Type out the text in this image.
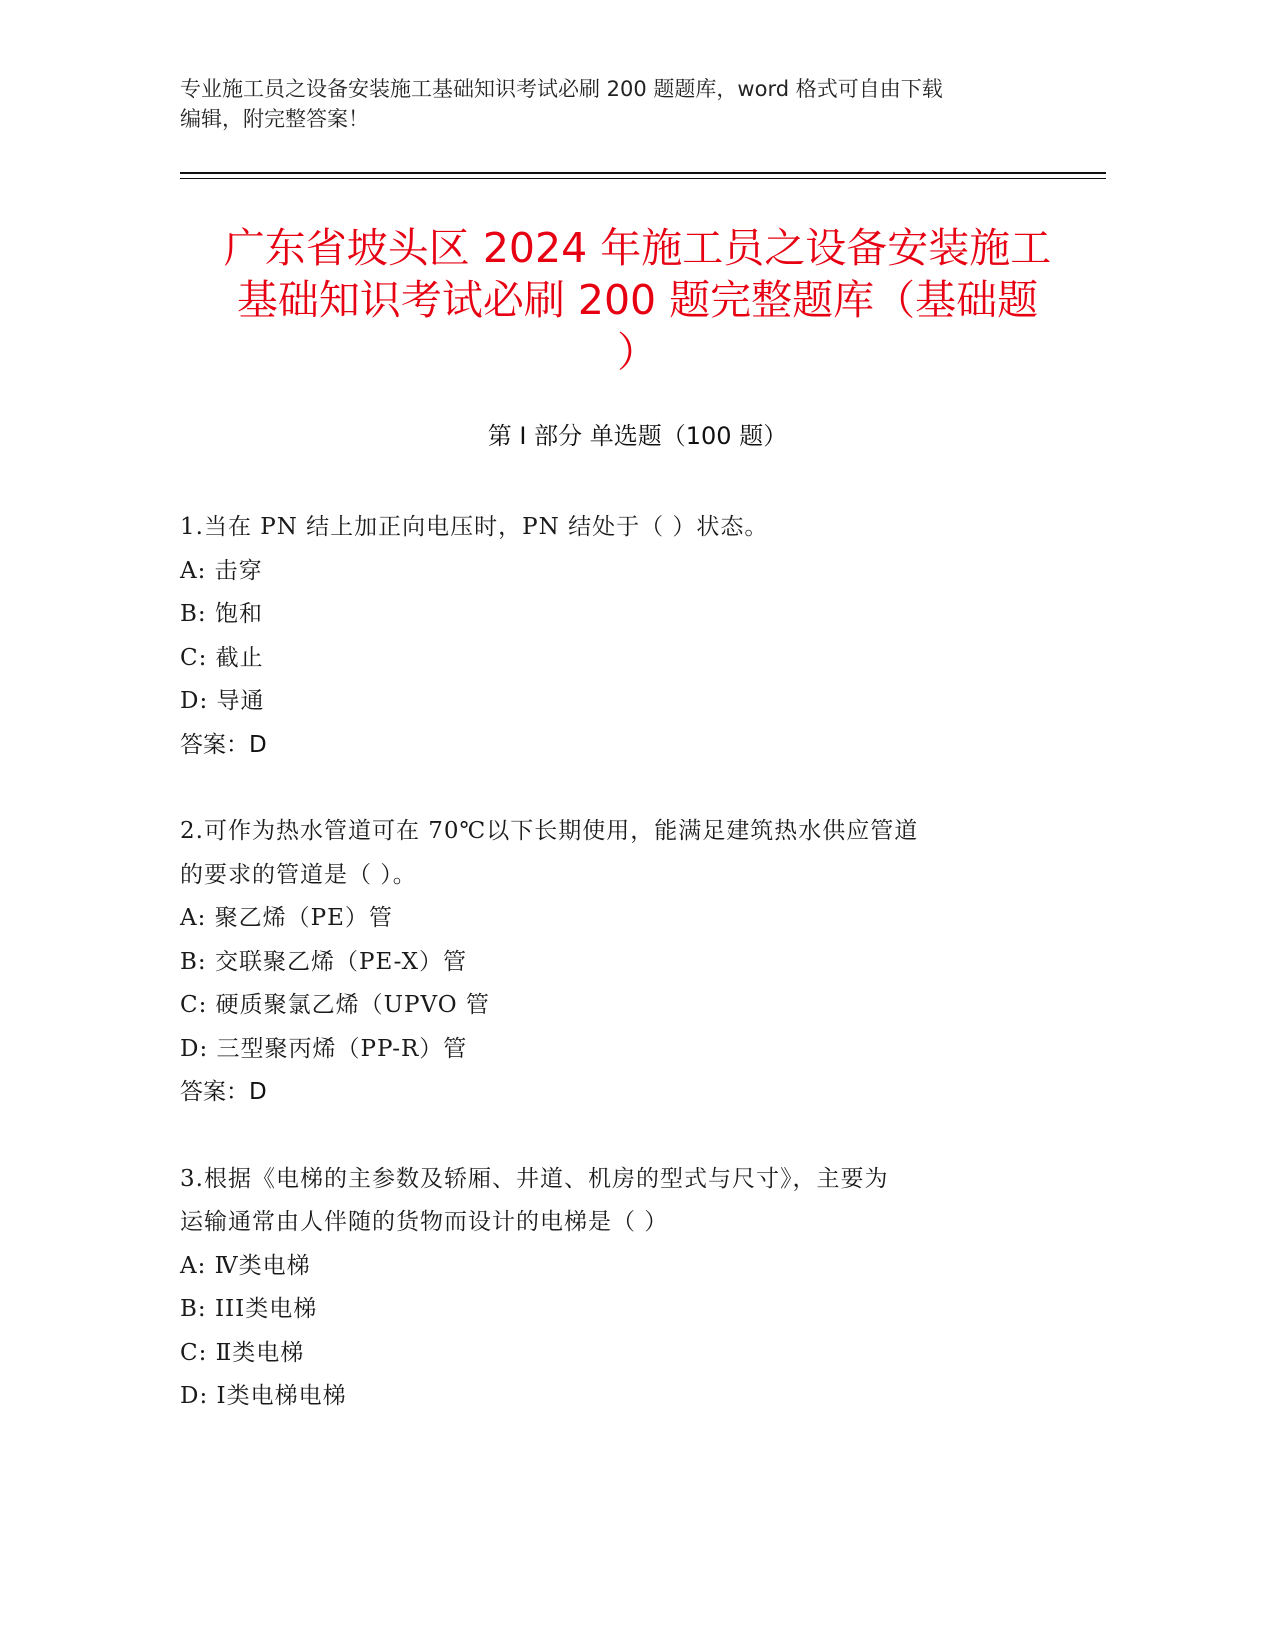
专业施工员之设备安装施工基础知识考试必刷 200 题题库，word 格式可自由下载
编辑，附完整答案！
广东省坡头区 2024 年施工员之设备安装施工
基础知识考试必刷 200 题完整题库（基础题
）
第 I 部分 单选题（100 题）
1.当在 PN 结上加正向电压时，PN 结处于（ ）状态。
A: 击穿
B: 饱和
C: 截止
D: 导通
答案：D
2.可作为热水管道可在 70℃以下长期使用，能满足建筑热水供应管道
的要求的管道是（ ）。
A: 聚乙烯（PE）管
B: 交联聚乙烯（PE-X）管
C: 硬质聚氯乙烯（UPVO 管
D: 三型聚丙烯（PP-R）管
答案：D
3.根据《电梯的主参数及轿厢、井道、机房的型式与尺寸》，主要为
运输通常由人伴随的货物而设计的电梯是（ ）
A: Ⅳ类电梯
B: III类电梯
C: Ⅱ类电梯
D: Ⅰ类电梯电梯
